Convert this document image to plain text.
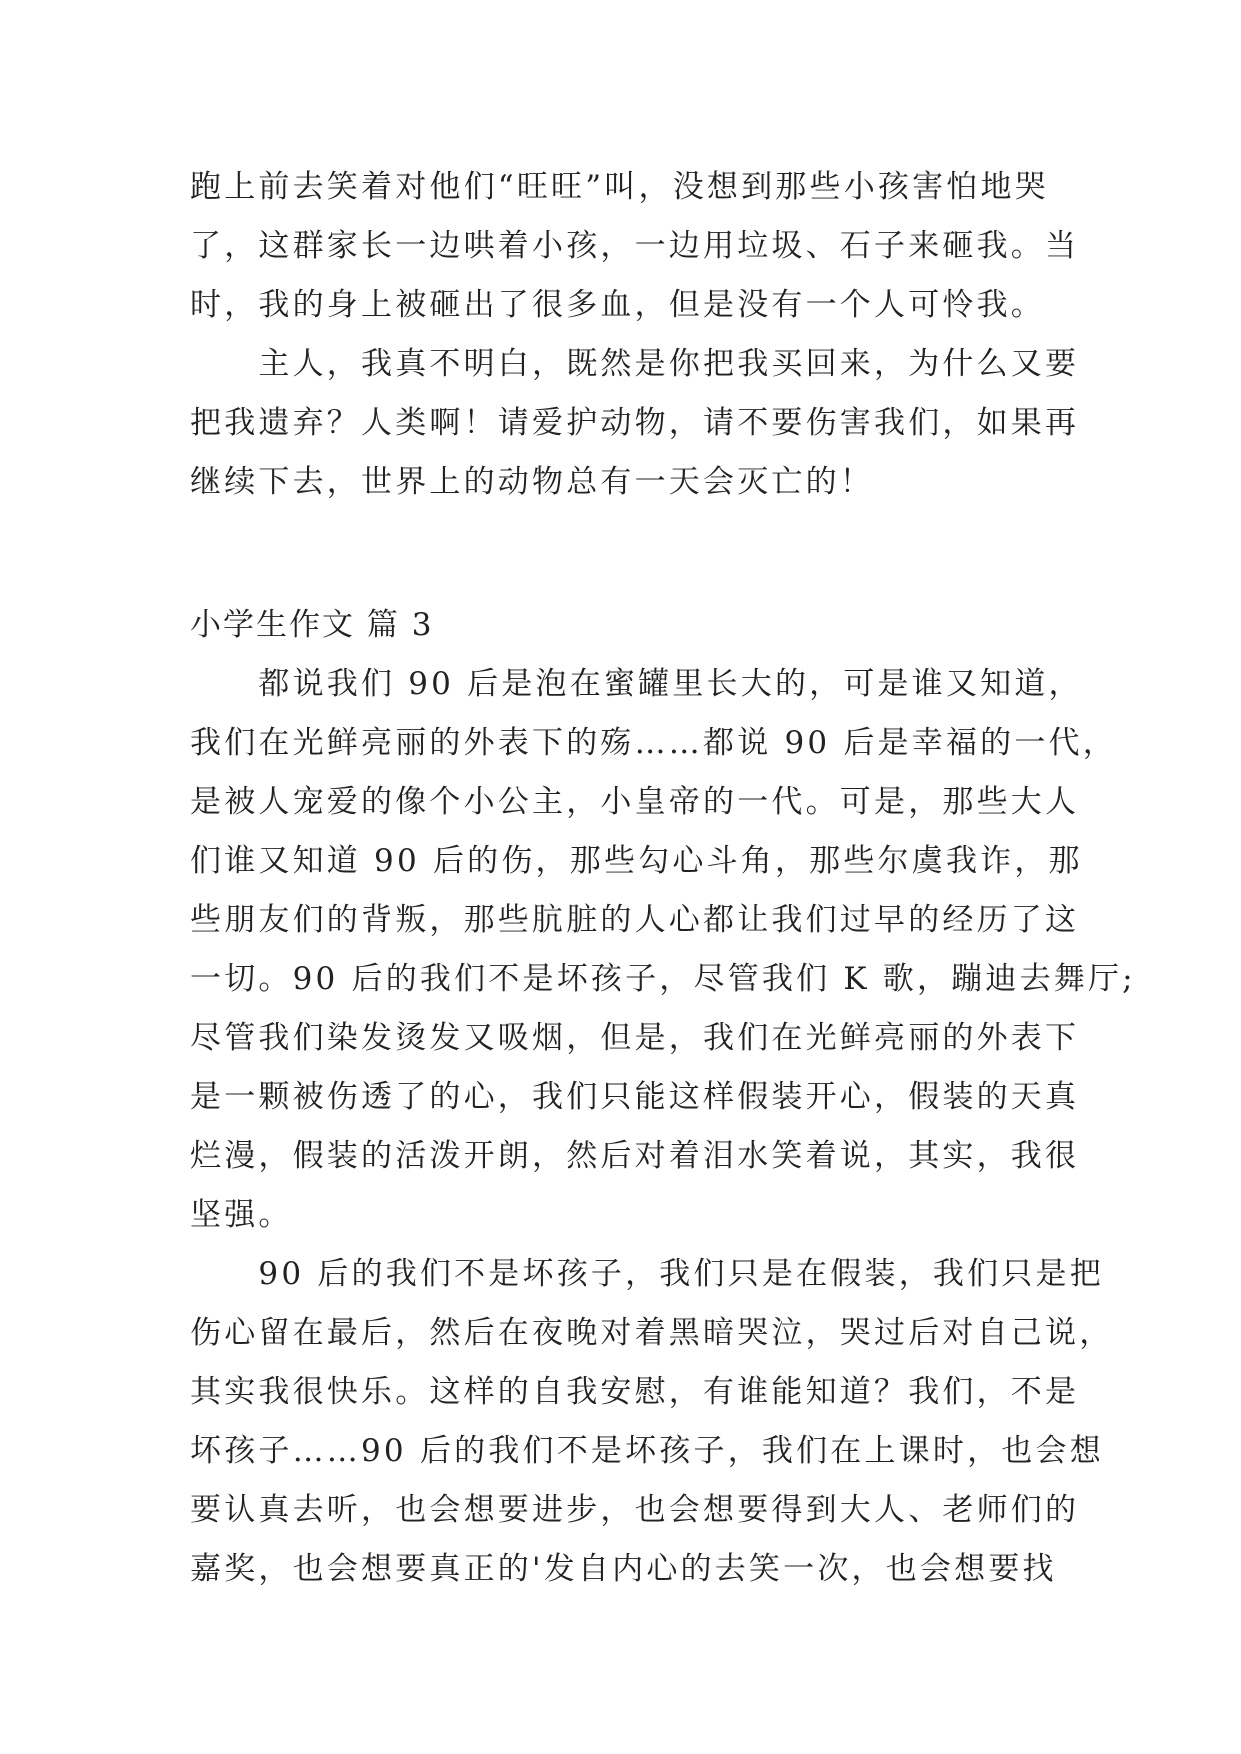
跑上前去笑着对他们“旺旺”叫，没想到那些小孩害怕地哭
了，这群家长一边哄着小孩，一边用垃圾、石子来砸我。当
时，我的身上被砸出了很多血，但是没有一个人可怜我。
　　主人，我真不明白，既然是你把我买回来，为什么又要
把我遗弃？人类啊！请爱护动物，请不要伤害我们，如果再
继续下去，世界上的动物总有一天会灭亡的！
小学生作文 篇 3
　　都说我们 90 后是泡在蜜罐里长大的，可是谁又知道，
我们在光鲜亮丽的外表下的殇……都说 90 后是幸福的一代，
是被人宠爱的像个小公主，小皇帝的一代。可是，那些大人
们谁又知道 90 后的伤，那些勾心斗角，那些尔虞我诈，那
些朋友们的背叛，那些肮脏的人心都让我们过早的经历了这
一切。90 后的我们不是坏孩子，尽管我们 K 歌，蹦迪去舞厅;
尽管我们染发烫发又吸烟，但是，我们在光鲜亮丽的外表下
是一颗被伤透了的心，我们只能这样假装开心，假装的天真
烂漫，假装的活泼开朗，然后对着泪水笑着说，其实，我很
坚强。
　　90 后的我们不是坏孩子，我们只是在假装，我们只是把
伤心留在最后，然后在夜晚对着黑暗哭泣，哭过后对自己说，
其实我很快乐。这样的自我安慰，有谁能知道？我们，不是
坏孩子……90 后的我们不是坏孩子，我们在上课时，也会想
要认真去听，也会想要进步，也会想要得到大人、老师们的
嘉奖，也会想要真正的'发自内心的去笑一次，也会想要找
